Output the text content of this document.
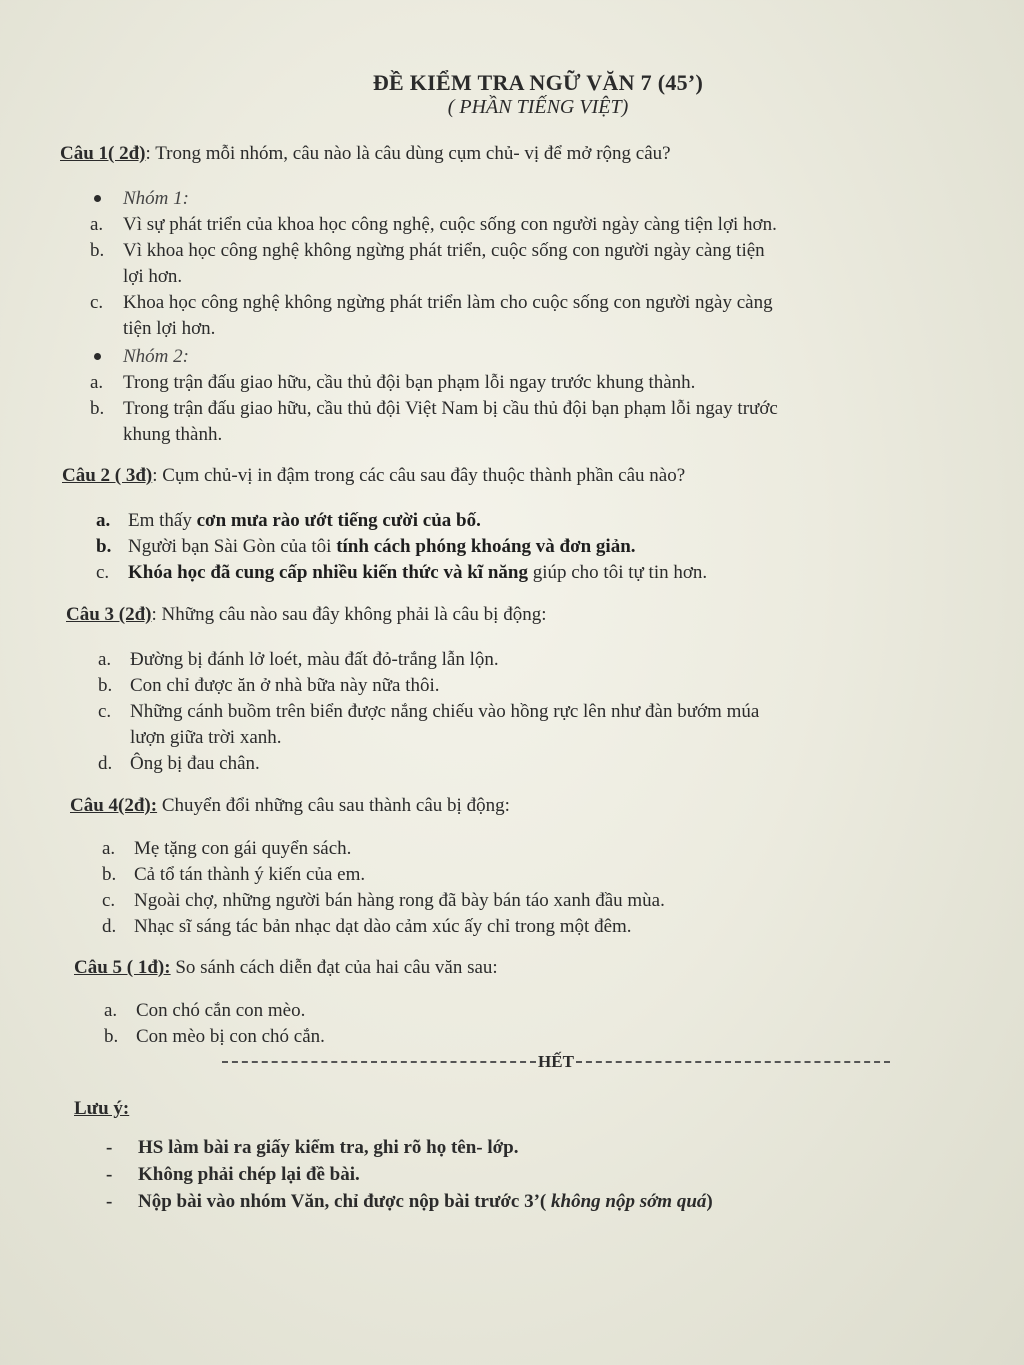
ĐỀ KIỂM TRA NGỮ VĂN 7 (45’)
( PHẦN TIẾNG VIỆT)
Câu 1( 2đ): Trong mỗi nhóm, câu nào là câu dùng cụm chủ- vị để mở rộng câu?
Nhóm 1:
a.	Vì sự phát triển của khoa học công nghệ, cuộc sống con người ngày càng tiện lợi hơn.
b. Vì khoa học công nghệ không ngừng phát triển, cuộc sống con người ngày càng tiện
lợi hơn.
c.	Khoa học công nghệ không ngừng phát triển làm cho cuộc sống con người ngày càng
tiện lợi hơn.
Nhóm 2:
a.	Trong trận đấu giao hữu, cầu thủ đội bạn phạm lỗi ngay trước khung thành.
b. Trong trận đấu giao hữu, cầu thủ đội Việt Nam bị cầu thủ đội bạn phạm lỗi ngay trước
khung thành.
Câu 2 ( 3đ): Cụm chủ-vị in đậm trong các câu sau đây thuộc thành phần câu nào?
a. Em thấy cơn mưa rào ướt tiếng cười của bố.
b. Người bạn Sài Gòn của tôi tính cách phóng khoáng và đơn giản.
c. Khóa học đã cung cấp nhiều kiến thức và kĩ năng giúp cho tôi tự tin hơn.
Câu 3 (2đ): Những câu nào sau đây không phải là câu bị động:
a. Đường bị đánh lở loét, màu đất đỏ-trắng lẫn lộn.
b. Con chỉ được ăn ở nhà bữa này nữa thôi.
c. Những cánh buồm trên biển được nắng chiếu vào hồng rực lên như đàn bướm múa
lượn giữa trời xanh.
d. Ông bị đau chân.
Câu 4(2đ): Chuyển đổi những câu sau thành câu bị động:
a. Mẹ tặng con gái quyển sách.
b. Cả tổ tán thành ý kiến của em.
c. Ngoài chợ, những người bán hàng rong đã bày bán táo xanh đầu mùa.
d. Nhạc sĩ sáng tác bản nhạc dạt dào cảm xúc ấy chỉ trong một đêm.
Câu 5 ( 1đ): So sánh cách diễn đạt của hai câu văn sau:
a. Con chó cắn con mèo.
b. Con mèo bị con chó cắn.
HẾT
Lưu ý:
- HS làm bài ra giấy kiểm tra, ghi rõ họ tên- lớp.
- Không phải chép lại đề bài.
- Nộp bài vào nhóm Văn, chỉ được nộp bài trước 3’( không nộp sớm quá)
